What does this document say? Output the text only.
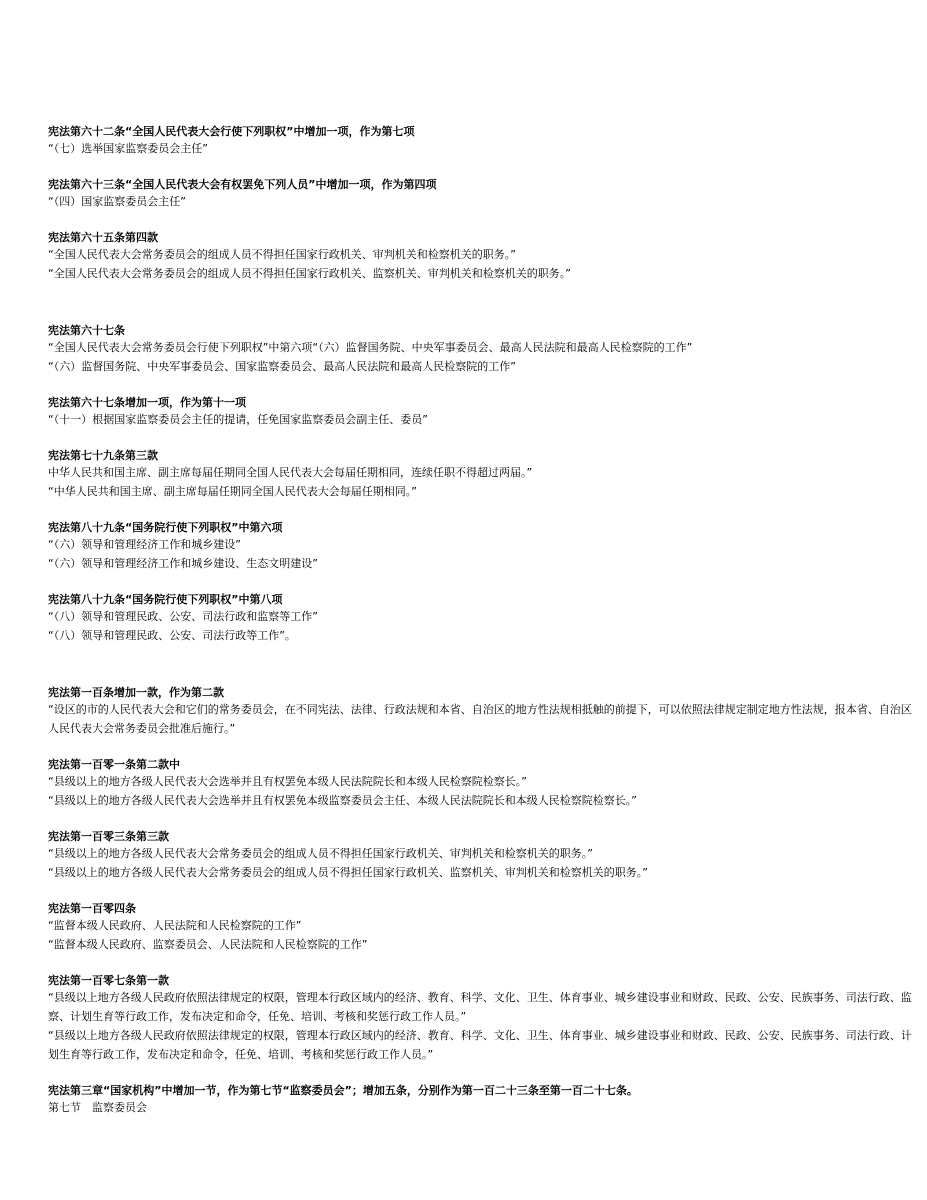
宪法第六十二条“全国人民代表大会行使下列职权”中增加一项，作为第七项

“（七）选举国家监察委员会主任”

宪法第六十三条“全国人民代表大会有权罢免下列人员”中增加一项，作为第四项

“（四）国家监察委员会主任”

宪法第六十五条第四款

“全国人民代表大会常务委员会的组成人员不得担任国家行政机关、审判机关和检察机关的职务。”

“全国人民代表大会常务委员会的组成人员不得担任国家行政机关、监察机关、审判机关和检察机关的职务。”

宪法第六十七条

“全国人民代表大会常务委员会行使下列职权”中第六项“（六）监督国务院、中央军事委员会、最高人民法院和最高人民检察院的工作”

“（六）监督国务院、中央军事委员会、国家监察委员会、最高人民法院和最高人民检察院的工作”

宪法第六十七条增加一项，作为第十一项

“（十一）根据国家监察委员会主任的提请，任免国家监察委员会副主任、委员”

宪法第七十九条第三款

中华人民共和国主席、副主席每届任期同全国人民代表大会每届任期相同，连续任职不得超过两届。”

“中华人民共和国主席、副主席每届任期同全国人民代表大会每届任期相同。”

宪法第八十九条“国务院行使下列职权”中第六项

“（六）领导和管理经济工作和城乡建设”

“（六）领导和管理经济工作和城乡建设、生态文明建设”

宪法第八十九条“国务院行使下列职权”中第八项

“（八）领导和管理民政、公安、司法行政和监察等工作”

“（八）领导和管理民政、公安、司法行政等工作”。

宪法第一百条增加一款，作为第二款

“设区的市的人民代表大会和它们的常务委员会，在不同宪法、法律、行政法规和本省、自治区的地方性法规相抵触的前提下，可以依照法律规定制定地方性法规，报本省、自治区人民代表大会常务委员会批准后施行。”

宪法第一百零一条第二款中

“县级以上的地方各级人民代表大会选举并且有权罢免本级人民法院院长和本级人民检察院检察长。”

“县级以上的地方各级人民代表大会选举并且有权罢免本级监察委员会主任、本级人民法院院长和本级人民检察院检察长。”

宪法第一百零三条第三款

“县级以上的地方各级人民代表大会常务委员会的组成人员不得担任国家行政机关、审判机关和检察机关的职务。”

“县级以上的地方各级人民代表大会常务委员会的组成人员不得担任国家行政机关、监察机关、审判机关和检察机关的职务。”

宪法第一百零四条

“监督本级人民政府、人民法院和人民检察院的工作”

“监督本级人民政府、监察委员会、人民法院和人民检察院的工作”

宪法第一百零七条第一款

“县级以上地方各级人民政府依照法律规定的权限，管理本行政区域内的经济、教育、科学、文化、卫生、体育事业、城乡建设事业和财政、民政、公安、民族事务、司法行政、监察、计划生育等行政工作，发布决定和命令，任免、培训、考核和奖惩行政工作人员。”

“县级以上地方各级人民政府依照法律规定的权限，管理本行政区域内的经济、教育、科学、文化、卫生、体育事业、城乡建设事业和财政、民政、公安、民族事务、司法行政、计划生育等行政工作，发布决定和命令，任免、培训、考核和奖惩行政工作人员。”

宪法第三章“国家机构”中增加一节，作为第七节“监察委员会”；增加五条，分别作为第一百二十三条至第一百二十七条。

第七节　监察委员会
